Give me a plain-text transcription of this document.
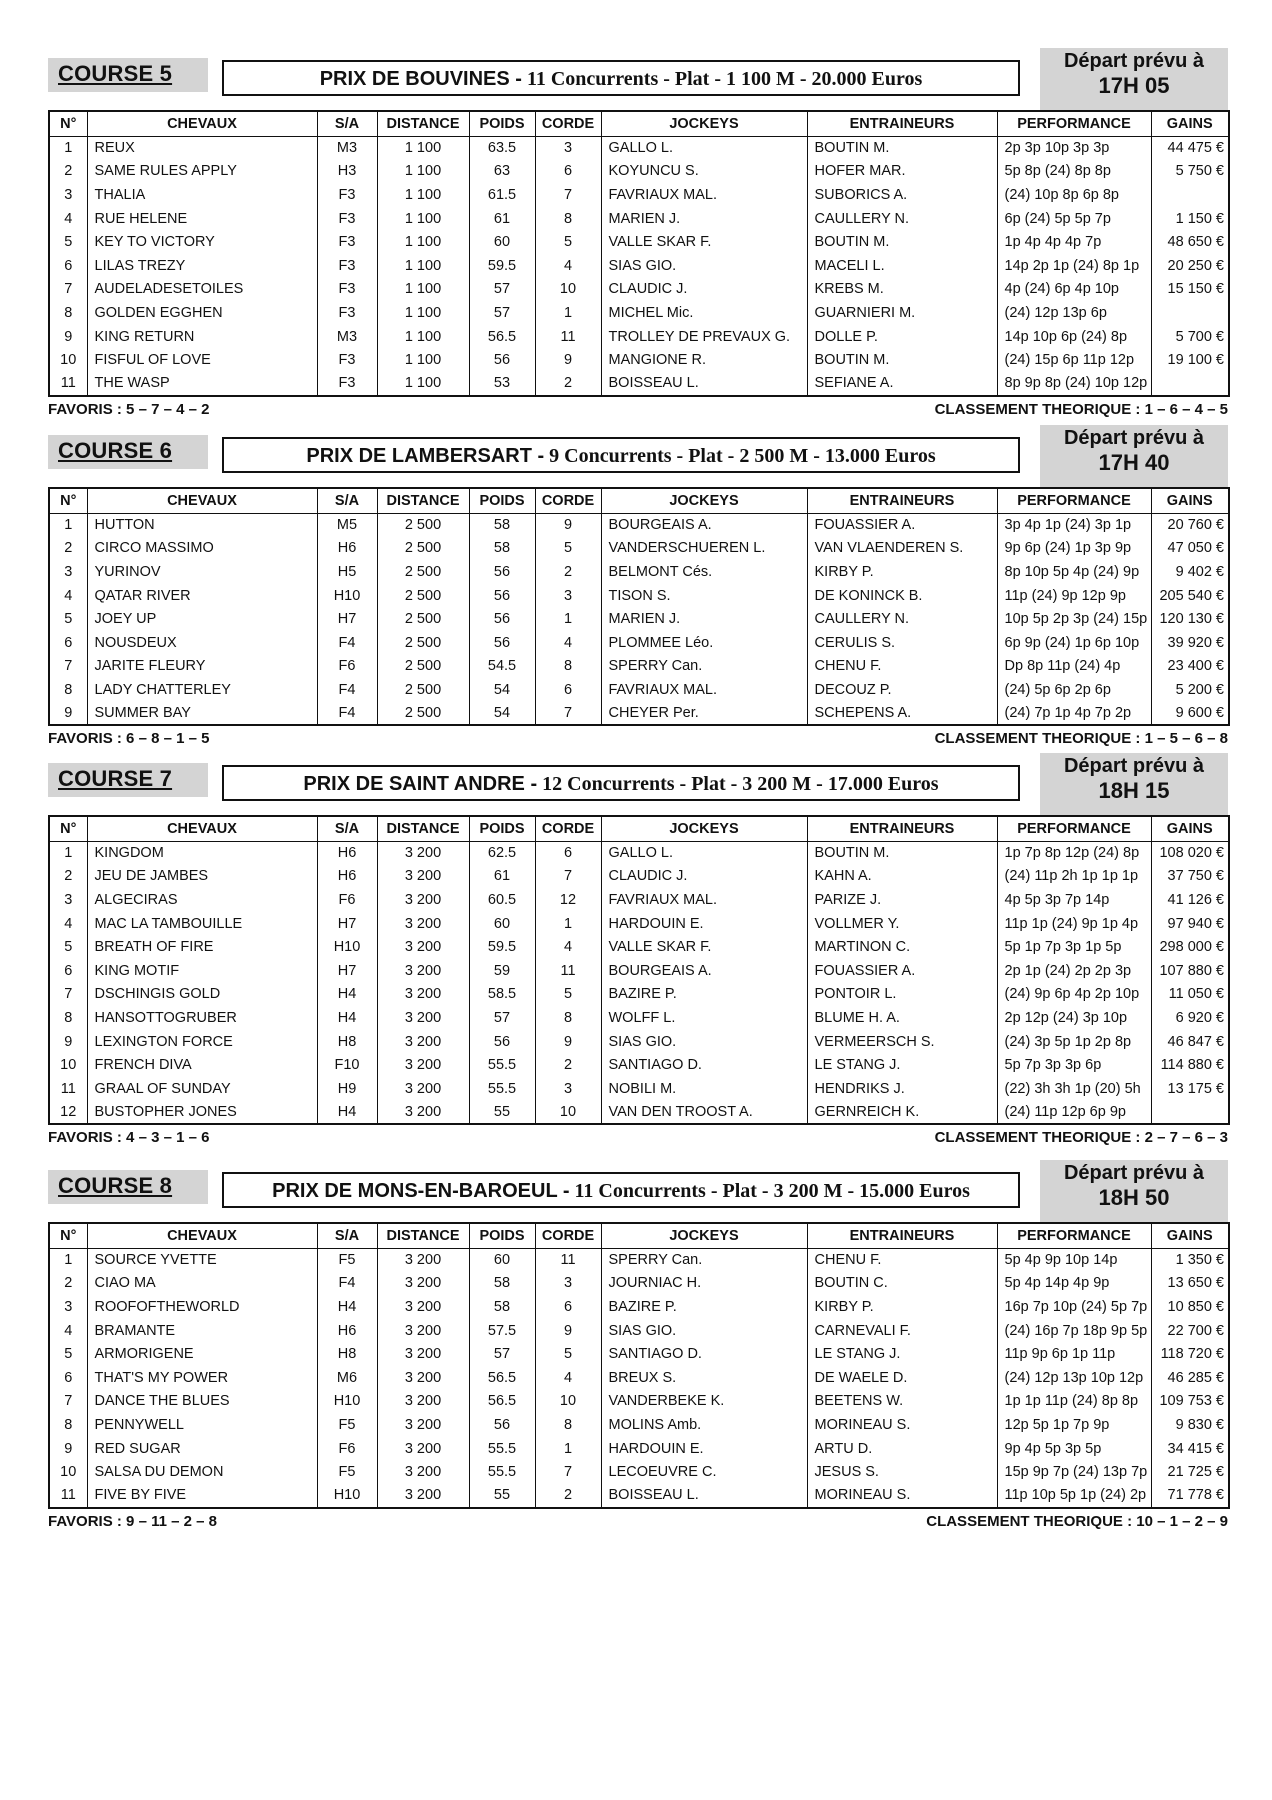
COURSE 5	PRIX DE BOUVINES - 11 Concurrents - Plat - 1 100 M - 20.000 Euros
Départ prévu à
17H 05
N°	CHEVAUX	S/A	DISTANCE	POIDS	CORDE	JOCKEYS	ENTRAINEURS	PERFORMANCE	GAINS
1	REUX	M3	1 100	63.5	3	GALLO L.	BOUTIN M.	2p 3p 10p 3p 3p	44 475 €
2	SAME RULES APPLY	H3	1 100	63	6	KOYUNCU S.	HOFER MAR.	5p 8p (24) 8p 8p	5 750 €
3	THALIA	F3	1 100	61.5	7	FAVRIAUX MAL.	SUBORICS A.	(24) 10p 8p 6p 8p	
4	RUE HELENE	F3	1 100	61	8	MARIEN J.	CAULLERY N.	6p (24) 5p 5p 7p	1 150 €
5	KEY TO VICTORY	F3	1 100	60	5	VALLE SKAR F.	BOUTIN M.	1p 4p 4p 4p 7p	48 650 €
6	LILAS TREZY	F3	1 100	59.5	4	SIAS GIO.	MACELI L.	14p 2p 1p (24) 8p 1p	20 250 €
7	AUDELADESETOILES	F3	1 100	57	10	CLAUDIC J.	KREBS M.	4p (24) 6p 4p 10p	15 150 €
8	GOLDEN EGGHEN	F3	1 100	57	1	MICHEL Mic.	GUARNIERI M.	(24) 12p 13p 6p	
9	KING RETURN	M3	1 100	56.5	11	TROLLEY DE PREVAUX G.	DOLLE P.	14p 10p 6p (24) 8p	5 700 €
10	FISFUL OF LOVE	F3	1 100	56	9	MANGIONE R.	BOUTIN M.	(24) 15p 6p 11p 12p	19 100 €
11	THE WASP	F3	1 100	53	2	BOISSEAU L.	SEFIANE A.	8p 9p 8p (24) 10p 12p	
FAVORIS : 5 – 7 – 4 – 2	CLASSEMENT THEORIQUE : 1 – 6 – 4 – 5
COURSE 6	PRIX DE LAMBERSART - 9 Concurrents - Plat - 2 500 M - 13.000 Euros
Départ prévu à
17H 40
N°	CHEVAUX	S/A	DISTANCE	POIDS	CORDE	JOCKEYS	ENTRAINEURS	PERFORMANCE	GAINS
1	HUTTON	M5	2 500	58	9	BOURGEAIS A.	FOUASSIER A.	3p 4p 1p (24) 3p 1p	20 760 €
2	CIRCO MASSIMO	H6	2 500	58	5	VANDERSCHUEREN L.	VAN VLAENDEREN S.	9p 6p (24) 1p 3p 9p	47 050 €
3	YURINOV	H5	2 500	56	2	BELMONT Cés.	KIRBY P.	8p 10p 5p 4p (24) 9p	9 402 €
4	QATAR RIVER	H10	2 500	56	3	TISON S.	DE KONINCK B.	11p (24) 9p 12p 9p	205 540 €
5	JOEY UP	H7	2 500	56	1	MARIEN J.	CAULLERY N.	10p 5p 2p 3p (24) 15p	120 130 €
6	NOUSDEUX	F4	2 500	56	4	PLOMMEE Léo.	CERULIS S.	6p 9p (24) 1p 6p 10p	39 920 €
7	JARITE FLEURY	F6	2 500	54.5	8	SPERRY Can.	CHENU F.	Dp 8p 11p (24) 4p	23 400 €
8	LADY CHATTERLEY	F4	2 500	54	6	FAVRIAUX MAL.	DECOUZ P.	(24) 5p 6p 2p 6p	5 200 €
9	SUMMER BAY	F4	2 500	54	7	CHEYER Per.	SCHEPENS A.	(24) 7p 1p 4p 7p 2p	9 600 €
FAVORIS : 6 – 8 – 1 – 5	CLASSEMENT THEORIQUE : 1 – 5 – 6 – 8
COURSE 7	PRIX DE SAINT ANDRE - 12 Concurrents - Plat - 3 200 M - 17.000 Euros
Départ prévu à
18H 15
N°	CHEVAUX	S/A	DISTANCE	POIDS	CORDE	JOCKEYS	ENTRAINEURS	PERFORMANCE	GAINS
1	KINGDOM	H6	3 200	62.5	6	GALLO L.	BOUTIN M.	1p 7p 8p 12p (24) 8p	108 020 €
2	JEU DE JAMBES	H6	3 200	61	7	CLAUDIC J.	KAHN A.	(24) 11p 2h 1p 1p 1p	37 750 €
3	ALGECIRAS	F6	3 200	60.5	12	FAVRIAUX MAL.	PARIZE J.	4p 5p 3p 7p 14p	41 126 €
4	MAC LA TAMBOUILLE	H7	3 200	60	1	HARDOUIN E.	VOLLMER Y.	11p 1p (24) 9p 1p 4p	97 940 €
5	BREATH OF FIRE	H10	3 200	59.5	4	VALLE SKAR F.	MARTINON C.	5p 1p 7p 3p 1p 5p	298 000 €
6	KING MOTIF	H7	3 200	59	11	BOURGEAIS A.	FOUASSIER A.	2p 1p (24) 2p 2p 3p	107 880 €
7	DSCHINGIS GOLD	H4	3 200	58.5	5	BAZIRE P.	PONTOIR L.	(24) 9p 6p 4p 2p 10p	11 050 €
8	HANSOTTOGRUBER	H4	3 200	57	8	WOLFF L.	BLUME H. A.	2p 12p (24) 3p 10p	6 920 €
9	LEXINGTON FORCE	H8	3 200	56	9	SIAS GIO.	VERMEERSCH S.	(24) 3p 5p 1p 2p 8p	46 847 €
10	FRENCH DIVA	F10	3 200	55.5	2	SANTIAGO D.	LE STANG J.	5p 7p 3p 3p 6p	114 880 €
11	GRAAL OF SUNDAY	H9	3 200	55.5	3	NOBILI M.	HENDRIKS J.	(22) 3h 3h 1p (20) 5h	13 175 €
12	BUSTOPHER JONES	H4	3 200	55	10	VAN DEN TROOST A.	GERNREICH K.	(24) 11p 12p 6p 9p	
FAVORIS : 4 – 3 – 1 – 6	CLASSEMENT THEORIQUE : 2 – 7 – 6 – 3
COURSE 8	PRIX DE MONS-EN-BAROEUL - 11 Concurrents - Plat - 3 200 M - 15.000 Euros
Départ prévu à
18H 50
N°	CHEVAUX	S/A	DISTANCE	POIDS	CORDE	JOCKEYS	ENTRAINEURS	PERFORMANCE	GAINS
1	SOURCE YVETTE	F5	3 200	60	11	SPERRY Can.	CHENU F.	5p 4p 9p 10p 14p	1 350 €
2	CIAO MA	F4	3 200	58	3	JOURNIAC H.	BOUTIN C.	5p 4p 14p 4p 9p	13 650 €
3	ROOFOFTHEWORLD	H4	3 200	58	6	BAZIRE P.	KIRBY P.	16p 7p 10p (24) 5p 7p	10 850 €
4	BRAMANTE	H6	3 200	57.5	9	SIAS GIO.	CARNEVALI F.	(24) 16p 7p 18p 9p 5p	22 700 €
5	ARMORIGENE	H8	3 200	57	5	SANTIAGO D.	LE STANG J.	11p 9p 6p 1p 11p	118 720 €
6	THAT'S MY POWER	M6	3 200	56.5	4	BREUX S.	DE WAELE D.	(24) 12p 13p 10p 12p	46 285 €
7	DANCE THE BLUES	H10	3 200	56.5	10	VANDERBEKE K.	BEETENS W.	1p 1p 11p (24) 8p 8p	109 753 €
8	PENNYWELL	F5	3 200	56	8	MOLINS Amb.	MORINEAU S.	12p 5p 1p 7p 9p	9 830 €
9	RED SUGAR	F6	3 200	55.5	1	HARDOUIN E.	ARTU D.	9p 4p 5p 3p 5p	34 415 €
10	SALSA DU DEMON	F5	3 200	55.5	7	LECOEUVRE C.	JESUS S.	15p 9p 7p (24) 13p 7p	21 725 €
11	FIVE BY FIVE	H10	3 200	55	2	BOISSEAU L.	MORINEAU S.	11p 10p 5p 1p (24) 2p	71 778 €
FAVORIS : 9 – 11 – 2 – 8	CLASSEMENT THEORIQUE : 10 – 1 – 2 – 9
